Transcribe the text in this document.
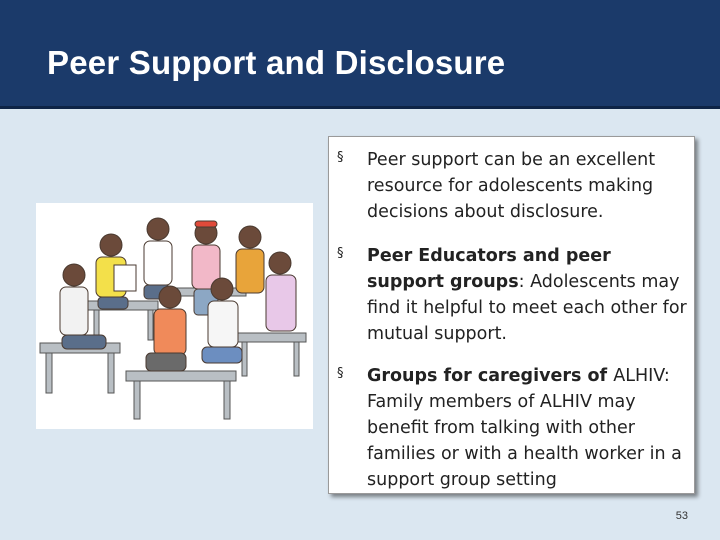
Peer Support and Disclosure
§	Peer support can be an excellent resource for adolescents making decisions about disclosure.
§	Peer Educators and peer support groups: Adolescents may find it helpful to meet each other for mutual support.
§	Groups for caregivers of ALHIV: Family members of ALHIV may benefit from talking with other families or with a health worker in a support group setting
53
